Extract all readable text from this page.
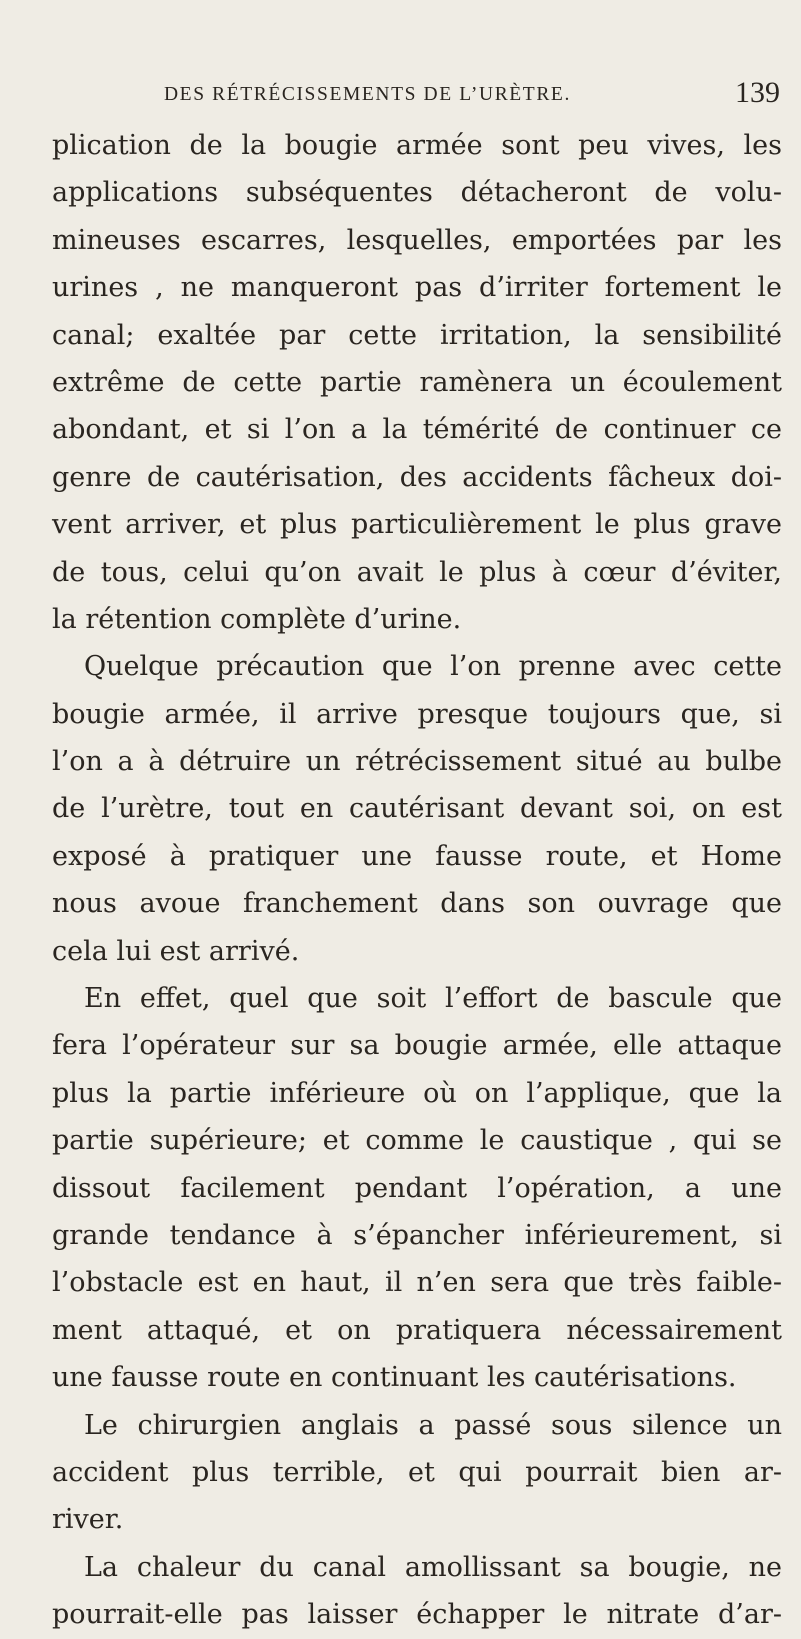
DES RÉTRÉCISSEMENTS DE L’URÈTRE.	139
plication de la bougie armée sont peu vives, les
applications subséquentes détacheront de volu-
mineuses escarres, lesquelles, emportées par les
urines , ne manqueront pas d’irriter fortement le
canal; exaltée par cette irritation, la sensibilité
extrême de cette partie ramènera un écoulement
abondant, et si l’on a la témérité de continuer ce
genre de cautérisation, des accidents fâcheux doi-
vent arriver, et plus particulièrement le plus grave
de tous, celui qu’on avait le plus à cœur d’éviter,
la rétention complète d’urine.
Quelque précaution que l’on prenne avec cette
bougie armée, il arrive presque toujours que, si
l’on a à détruire un rétrécissement situé au bulbe
de l’urètre, tout en cautérisant devant soi, on est
exposé à pratiquer une fausse route, et Home
nous avoue franchement dans son ouvrage que
cela lui est arrivé.
En effet, quel que soit l’effort de bascule que
fera l’opérateur sur sa bougie armée, elle attaque
plus la partie inférieure où on l’applique, que la
partie supérieure; et comme le caustique , qui se
dissout facilement pendant l’opération, a une
grande tendance à s’épancher inférieurement, si
l’obstacle est en haut, il n’en sera que très faible-
ment attaqué, et on pratiquera nécessairement
une fausse route en continuant les cautérisations.
Le chirurgien anglais a passé sous silence un
accident plus terrible, et qui pourrait bien ar-
river.
La chaleur du canal amollissant sa bougie, ne
pourrait-elle pas laisser échapper le nitrate d’ar-
